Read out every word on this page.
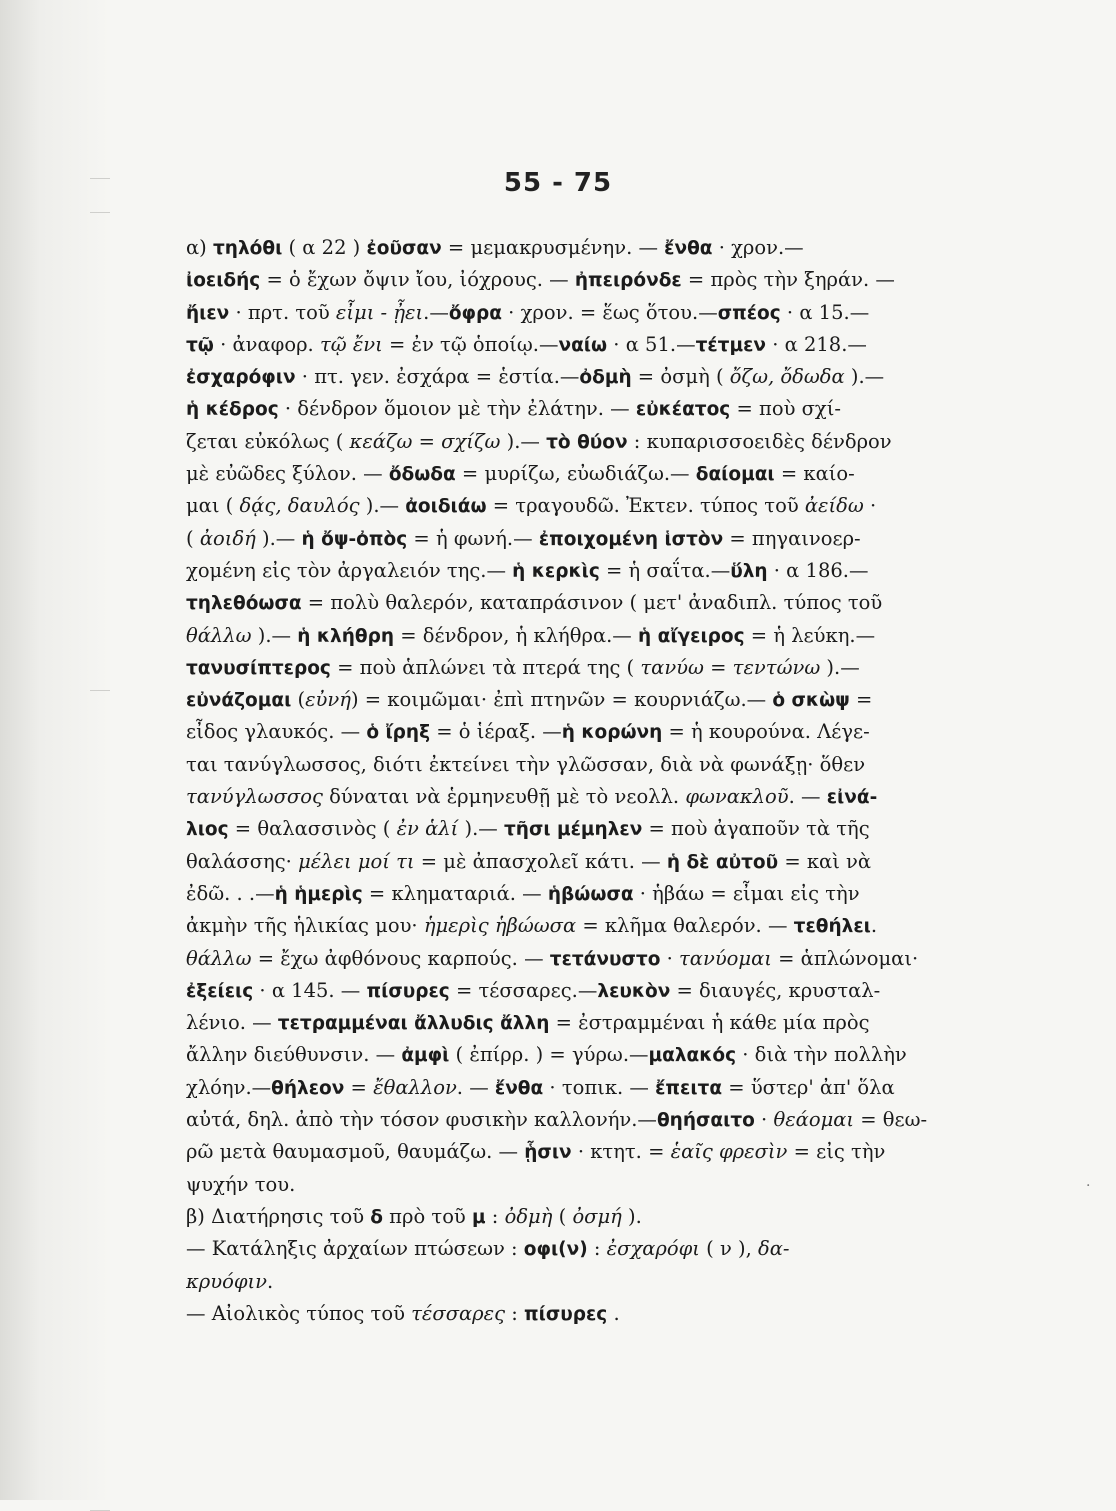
55 - 75
α) τηλόθι ( α 22 ) ἐοῦσαν = μεμακρυσμένην. — ἔνθα · χρον.—
ἰοειδής = ὁ ἔχων ὄψιν ἴου, ἰόχρους. — ἠπειρόνδε = πρὸς τὴν ξηράν. —
ἤιεν · πρτ. τοῦ εἶμι - ᾖει.—ὄφρα · χρον. = ἕως ὅτου.—σπέος · α 15.—
τῷ · ἀναφορ. τῷ ἔνι = ἐν τῷ ὁποίῳ.—ναίω · α 51.—τέτμεν · α 218.—
ἐσχαρόφιν · πτ. γεν. ἐσχάρα = ἑστία.—ὀδμὴ = ὀσμὴ ( ὄζω, ὄδωδα ).—
ἡ κέδρος · δένδρον ὅμοιον μὲ τὴν ἐλάτην. — εὐκέατος = ποὺ σχί-
ζεται εὐκόλως ( κεάζω = σχίζω ).— τὸ θύον : κυπαρισσοειδὲς δένδρον
μὲ εὐῶδες ξύλον. — ὄδωδα = μυρίζω, εὐωδιάζω.— δαίομαι = καίο-
μαι ( δᾴς, δαυλός ).— ἀοιδιάω = τραγουδῶ. Ἐκτεν. τύπος τοῦ ἀείδω ·
( ἀοιδή ).— ἡ ὄψ-ὀπὸς = ἡ φωνή.— ἐποιχομένη ἱστὸν = πηγαινοερ-
χομένη εἰς τὸν ἀργαλειόν της.— ἡ κερκὶς = ἡ σαΐτα.—ὕλη · α 186.—
τηλεθόωσα = πολὺ θαλερόν, καταπράσινον ( μετ' ἀναδιπλ. τύπος τοῦ
θάλλω ).— ἡ κλήθρη = δένδρον, ἡ κλήθρα.— ἡ αἴγειρος = ἡ λεύκη.—
τανυσίπτερος = ποὺ ἁπλώνει τὰ πτερά της ( τανύω = τεντώνω ).—
εὐνάζομαι (εὐνή) = κοιμῶμαι· ἐπὶ πτηνῶν = κουρνιάζω.— ὁ σκὼψ =
εἶδος γλαυκός. — ὁ ἴρηξ = ὁ ἱέραξ. —ἡ κορώνη = ἡ κουρούνα. Λέγε-
ται τανύγλωσσος, διότι ἐκτείνει τὴν γλῶσσαν, διὰ νὰ φωνάξῃ· ὅθεν
τανύγλωσσος δύναται νὰ ἑρμηνευθῇ μὲ τὸ νεολλ. φωνακλοῦ. — εἰνά-
λιος = θαλασσινὸς ( ἐν ἁλί ).— τῆσι μέμηλεν = ποὺ ἀγαποῦν τὰ τῆς
θαλάσσης· μέλει μοί τι = μὲ ἀπασχολεῖ κάτι. — ἡ δὲ αὐτοῦ = καὶ νὰ
ἐδῶ. . .—ἡ ἡμερὶς = κληματαριά. — ἡβώωσα · ἡβάω = εἶμαι εἰς τὴν
ἀκμὴν τῆς ἡλικίας μου· ἡμερὶς ἡβώωσα = κλῆμα θαλερόν. — τεθήλει.
θάλλω = ἔχω ἀφθόνους καρπούς. — τετάνυστο · τανύομαι = ἁπλώνομαι·
ἐξείεις · α 145. — πίσυρες = τέσσαρες.—λευκὸν = διαυγές, κρυσταλ-
λένιο. — τετραμμέναι ἄλλυδις ἄλλη = ἐστραμμέναι ἡ κάθε μία πρὸς
ἄλλην διεύθυνσιν. — ἀμφὶ ( ἐπίρρ. ) = γύρω.—μαλακός · διὰ τὴν πολλὴν
χλόην.—θήλεον = ἔθαλλον. — ἔνθα · τοπικ. — ἔπειτα = ὕστερ' ἀπ' ὅλα
αὐτά, δηλ. ἀπὸ τὴν τόσον φυσικὴν καλλονήν.—θηήσαιτο · θεάομαι = θεω-
ρῶ μετὰ θαυμασμοῦ, θαυμάζω. — ᾗσιν · κτητ. = ἑαῖς φρεσὶν = εἰς τὴν
ψυχήν του.
β) Διατήρησις τοῦ δ πρὸ τοῦ μ : ὀδμὴ ( ὀσμή ).
— Κατάληξις ἀρχαίων πτώσεων : οφι(ν) : ἐσχαρόφι ( ν ), δα-
κρυόφιν.
— Αἰολικὸς τύπος τοῦ τέσσαρες : πίσυρες .
·
